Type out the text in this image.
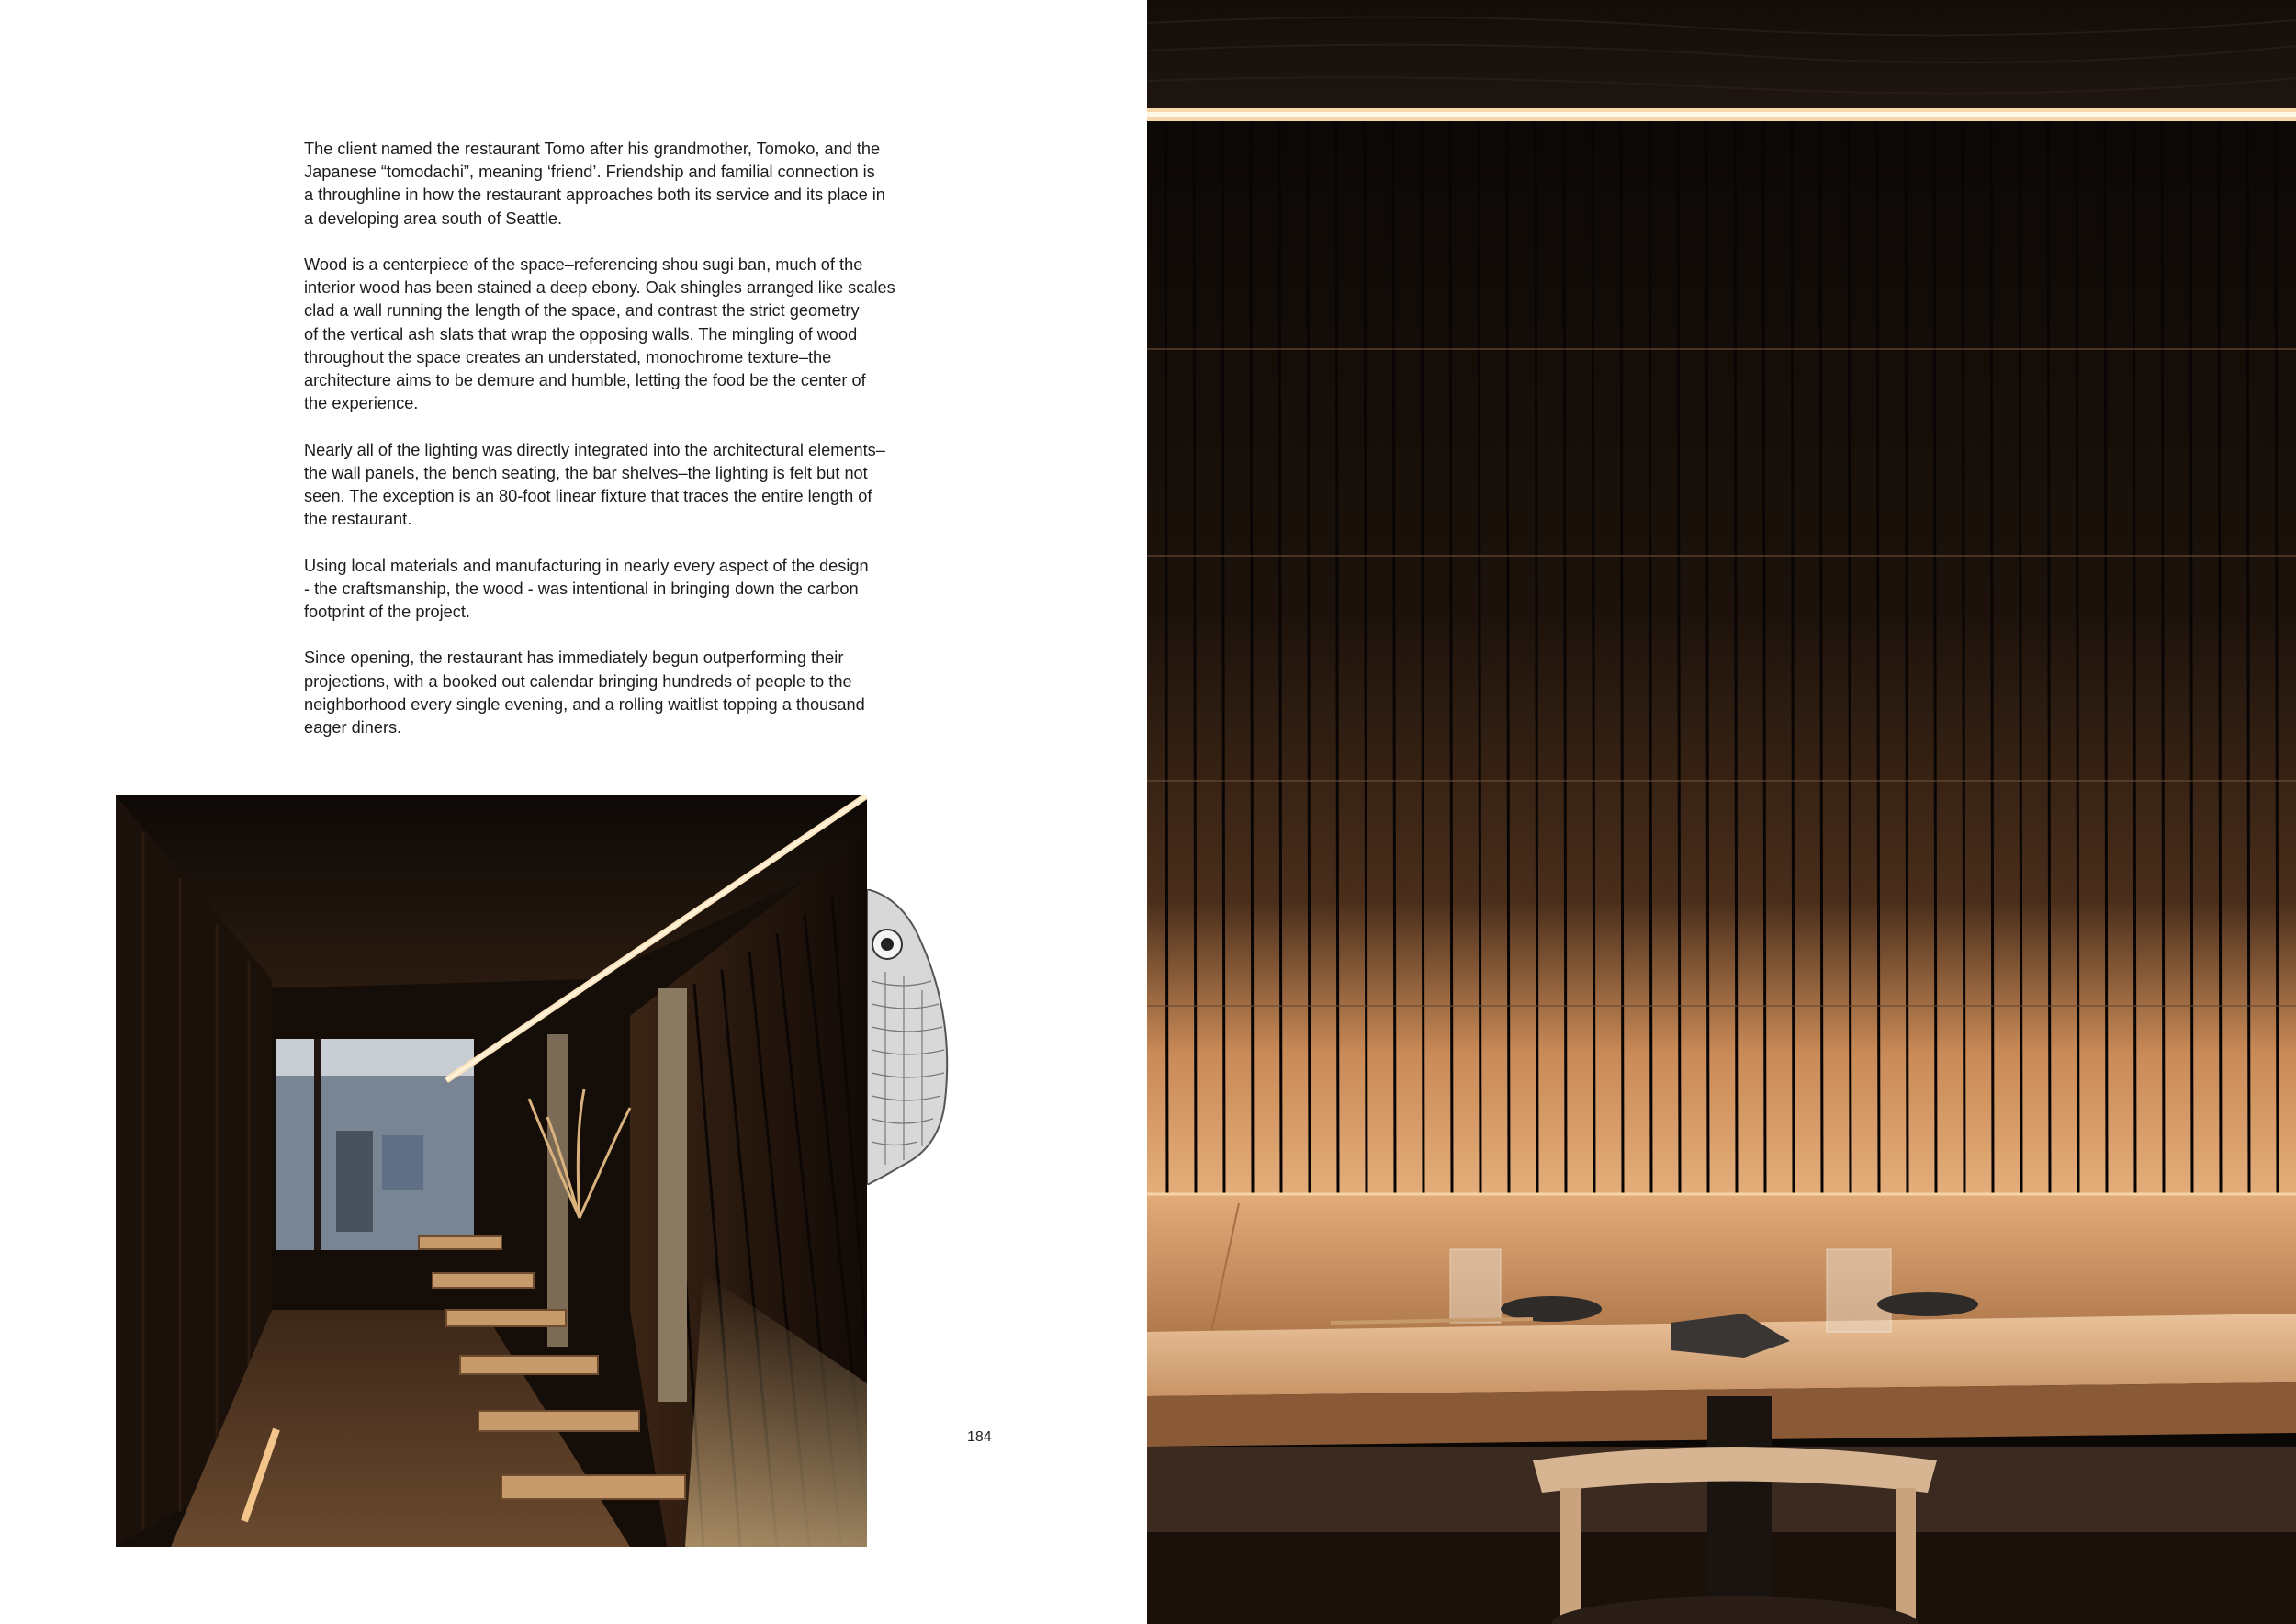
The client named the restaurant Tomo after his grandmother, Tomoko, and the
Japanese “tomodachi”, meaning ‘friend’. Friendship and familial connection is
a throughline in how the restaurant approaches both its service and its place in
a developing area south of Seattle.

Wood is a centerpiece of the space–referencing shou sugi ban, much of the
interior wood has been stained a deep ebony. Oak shingles arranged like scales
clad a wall running the length of the space, and contrast the strict geometry
of the vertical ash slats that wrap the opposing walls. The mingling of wood
throughout the space creates an understated, monochrome texture–the
architecture aims to be demure and humble, letting the food be the center of
the experience.

Nearly all of the lighting was directly integrated into the architectural elements–
the wall panels, the bench seating, the bar shelves–the lighting is felt but not
seen. The exception is an 80-foot linear fixture that traces the entire length of
the restaurant.

Using local materials and manufacturing in nearly every aspect of the design
- the craftsmanship, the wood - was intentional in bringing down the carbon
footprint of the project.

Since opening, the restaurant has immediately begun outperforming their
projections, with a booked out calendar bringing hundreds of people to the
neighborhood every single evening, and a rolling waitlist topping a thousand
eager diners.

184
